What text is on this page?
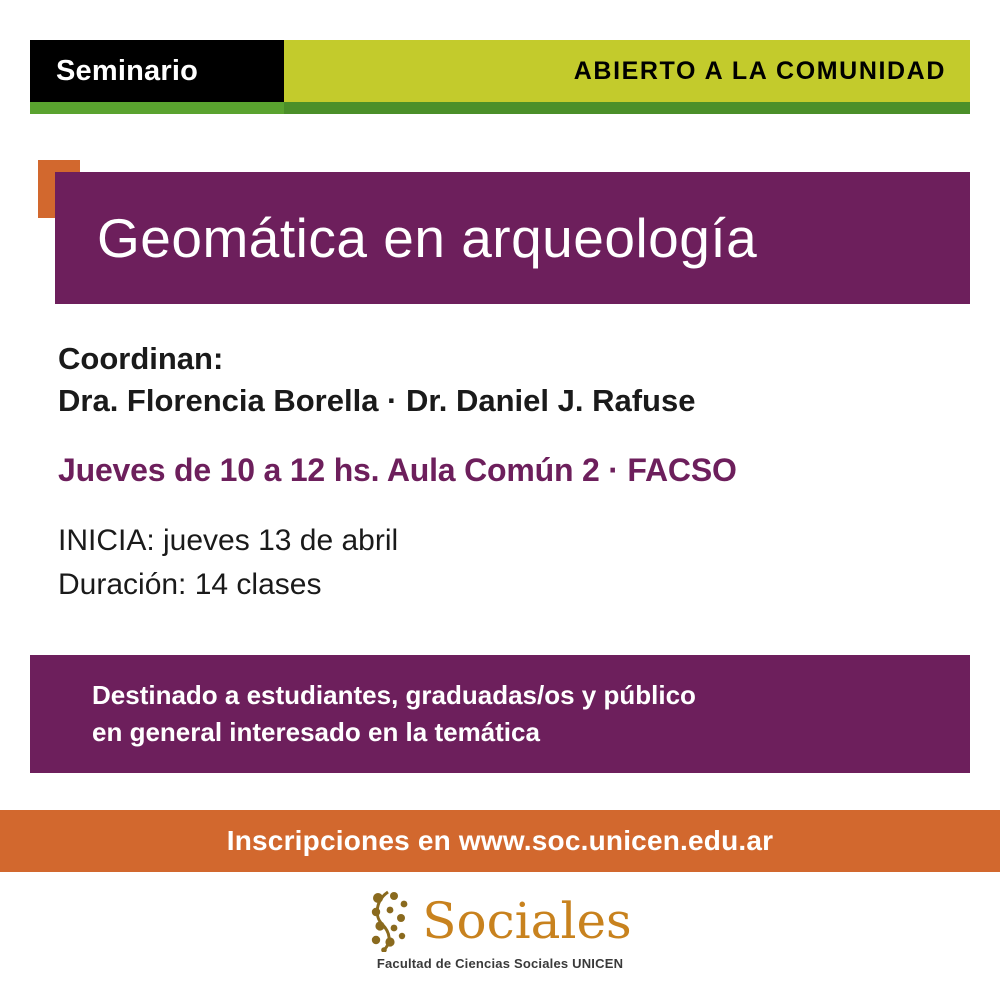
Seminario	ABIERTO A LA COMUNIDAD
Geomática en arqueología
Coordinan:
Dra. Florencia Borella · Dr. Daniel J. Rafuse
Jueves de 10 a 12 hs. Aula Común 2 · FACSO
INICIA: jueves 13 de abril
Duración: 14 clases
Destinado a estudiantes, graduadas/os y público
en general interesado en la temática
Inscripciones en www.soc.unicen.edu.ar
Sociales
Facultad de Ciencias Sociales UNICEN
